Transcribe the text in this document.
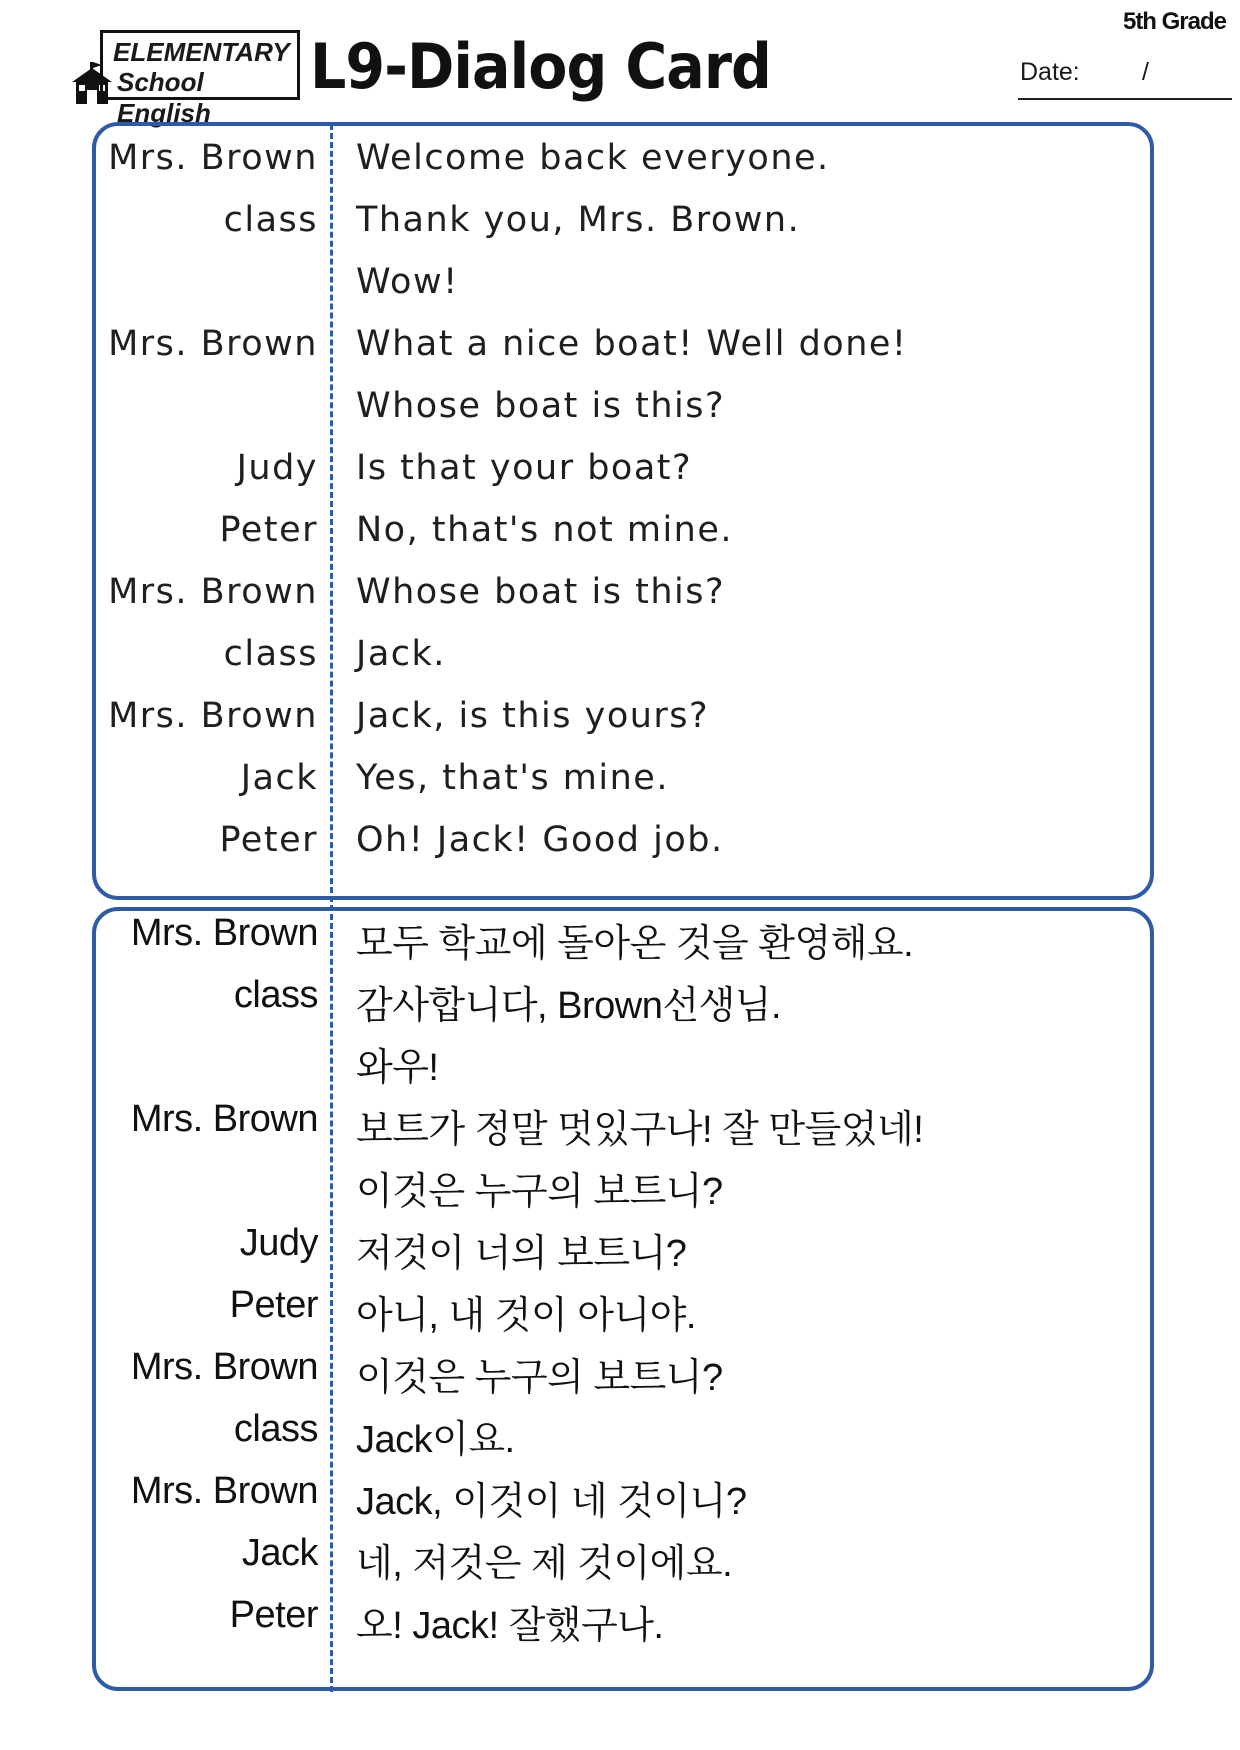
5th Grade
ELEMENTARY
School English
L9-Dialog Card	Date: /
Mrs. Brown Welcome back everyone.
class Thank you, Mrs. Brown.
Wow!
Mrs. Brown What a nice boat! Well done!
Whose boat is this?
Judy Is that your boat?
Peter No, that's not mine.
Mrs. Brown Whose boat is this?
class Jack.
Mrs. Brown Jack, is this yours?
Jack Yes, that's mine.
Peter Oh! Jack! Good job.
Mrs. Brown 모두 학교에 돌아온 것을 환영해요.
class 감사합니다, Brown선생님.
와우!
Mrs. Brown 보트가 정말 멋있구나! 잘 만들었네!
이것은 누구의 보트니?
Judy 저것이 너의 보트니?
Peter 아니, 내 것이 아니야.
Mrs. Brown 이것은 누구의 보트니?
class Jack이요.
Mrs. Brown Jack, 이것이 네 것이니?
Jack 네, 저것은 제 것이에요.
Peter 오! Jack! 잘했구나.
